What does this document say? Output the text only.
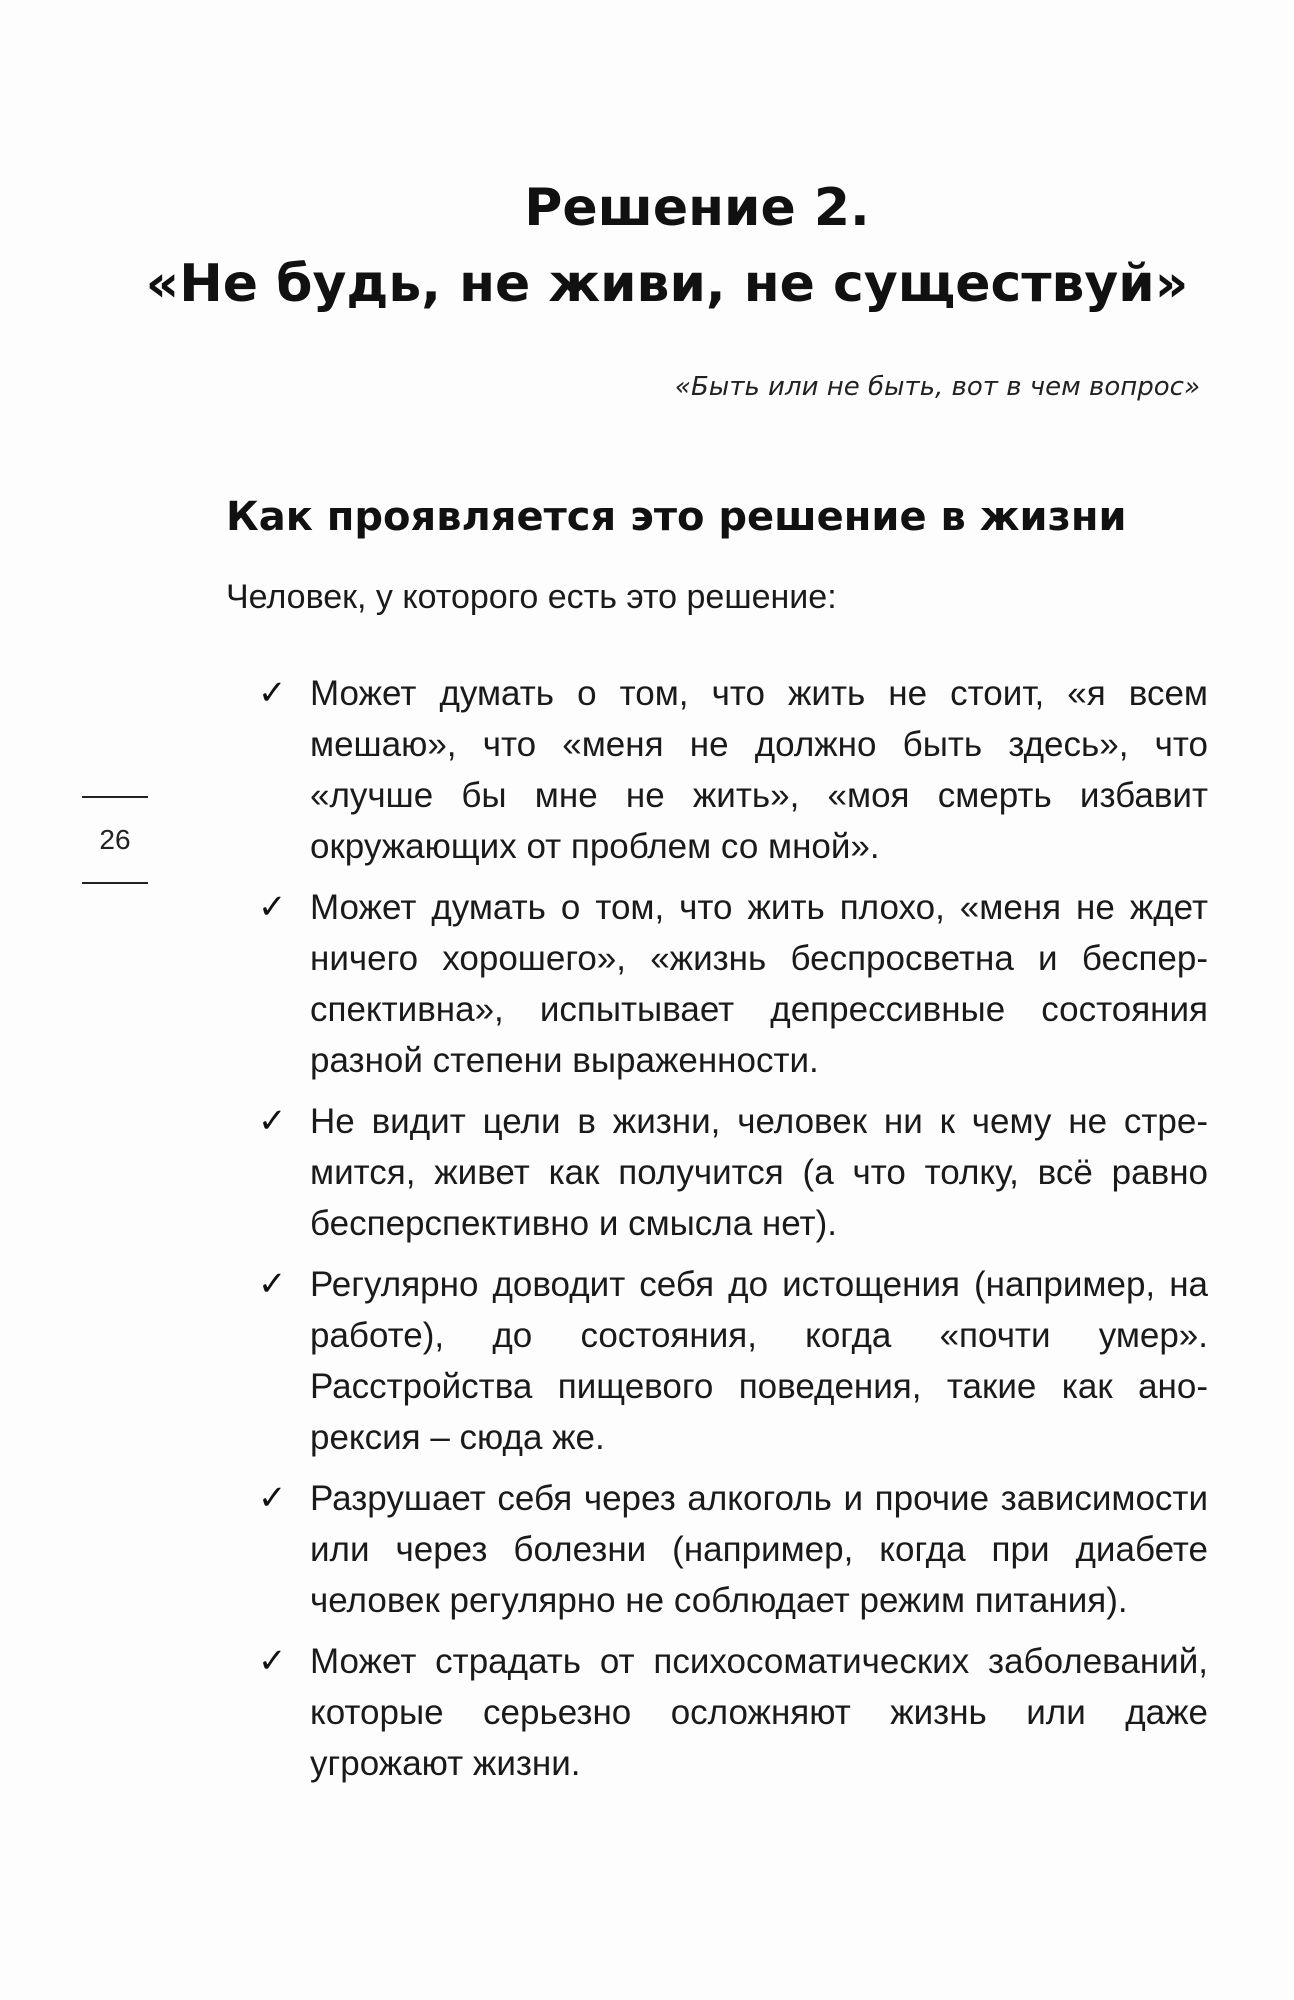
Решение 2.
«Не будь, не живи, не существуй»
«Быть или не быть, вот в чем вопрос»
Как проявляется это решение в жизни

Человек, у которого есть это решение:

✓ Может думать о том, что жить не стоит, «я всем мешаю», что «меня не должно быть здесь», что «лучше бы мне не жить», «моя смерть избавит окружающих от проблем со мной».
✓ Может думать о том, что жить плохо, «меня не ждет ничего хорошего», «жизнь беспросветна и бесперспективна», испытывает депрессивные состояния разной степени выраженности.
✓ Не видит цели в жизни, человек ни к чему не стремится, живет как получится (а что толку, всё равно бесперспективно и смысла нет).
✓ Регулярно доводит себя до истощения (например, на работе), до состояния, когда «почти умер». Расстройства пищевого поведения, такие как анорексия – сюда же.
✓ Разрушает себя через алкоголь и прочие зависимости или через болезни (например, когда при диабете человек регулярно не соблюдает режим питания).
✓ Может страдать от психосоматических заболеваний, которые серьезно осложняют жизнь или даже угрожают жизни.
26
